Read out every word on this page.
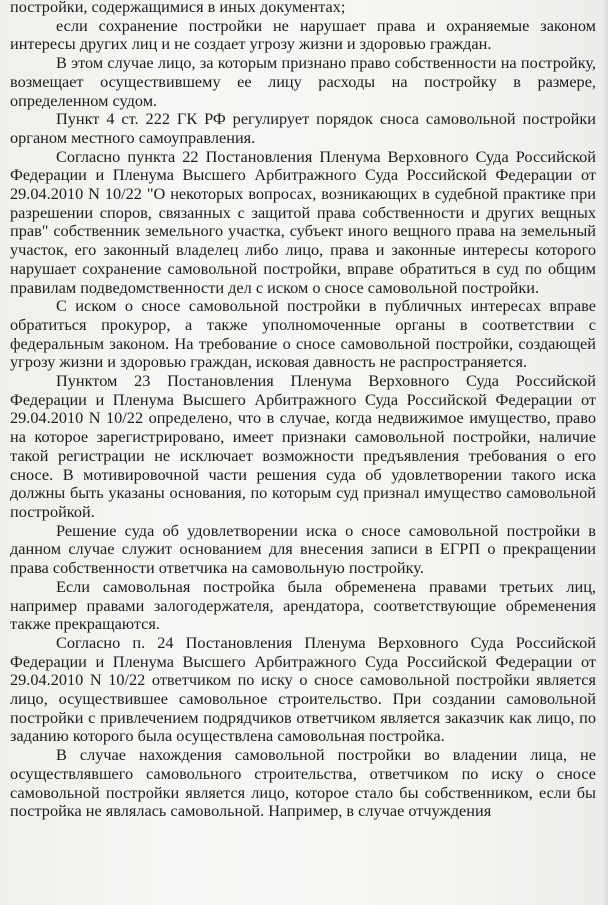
постройки, содержащимися в иных документах;

если сохранение постройки не нарушает права и охраняемые законом интересы других лиц и не создает угрозу жизни и здоровью граждан.

В этом случае лицо, за которым признано право собственности на постройку, возмещает осуществившему ее лицу расходы на постройку в размере, определенном судом.

Пункт 4 ст. 222 ГК РФ регулирует порядок сноса самовольной постройки органом местного самоуправления.

Согласно пункта 22 Постановления Пленума Верховного Суда Российской Федерации и Пленума Высшего Арбитражного Суда Российской Федерации от 29.04.2010 N 10/22 "О некоторых вопросах, возникающих в судебной практике при разрешении споров, связанных с защитой права собственности и других вещных прав" собственник земельного участка, субъект иного вещного права на земельный участок, его законный владелец либо лицо, права и законные интересы которого нарушает сохранение самовольной постройки, вправе обратиться в суд по общим правилам подведомственности дел с иском о сносе самовольной постройки.

С иском о сносе самовольной постройки в публичных интересах вправе обратиться прокурор, а также уполномоченные органы в соответствии с федеральным законом. На требование о сносе самовольной постройки, создающей угрозу жизни и здоровью граждан, исковая давность не распространяется.

Пунктом 23 Постановления Пленума Верховного Суда Российской Федерации и Пленума Высшего Арбитражного Суда Российской Федерации от 29.04.2010 N 10/22 определено, что в случае, когда недвижимое имущество, право на которое зарегистрировано, имеет признаки самовольной постройки, наличие такой регистрации не исключает возможности предъявления требования о его сносе. В мотивировочной части решения суда об удовлетворении такого иска должны быть указаны основания, по которым суд признал имущество самовольной постройкой.

Решение суда об удовлетворении иска о сносе самовольной постройки в данном случае служит основанием для внесения записи в ЕГРП о прекращении права собственности ответчика на самовольную постройку.

Если самовольная постройка была обременена правами третьих лиц, например правами залогодержателя, арендатора, соответствующие обременения также прекращаются.

Согласно п. 24 Постановления Пленума Верховного Суда Российской Федерации и Пленума Высшего Арбитражного Суда Российской Федерации от 29.04.2010 N 10/22 ответчиком по иску о сносе самовольной постройки является лицо, осуществившее самовольное строительство. При создании самовольной постройки с привлечением подрядчиков ответчиком является заказчик как лицо, по заданию которого была осуществлена самовольная постройка.

В случае нахождения самовольной постройки во владении лица, не осуществлявшего самовольного строительства, ответчиком по иску о сносе самовольной постройки является лицо, которое стало бы собственником, если бы постройка не являлась самовольной. Например, в случае отчуждения
